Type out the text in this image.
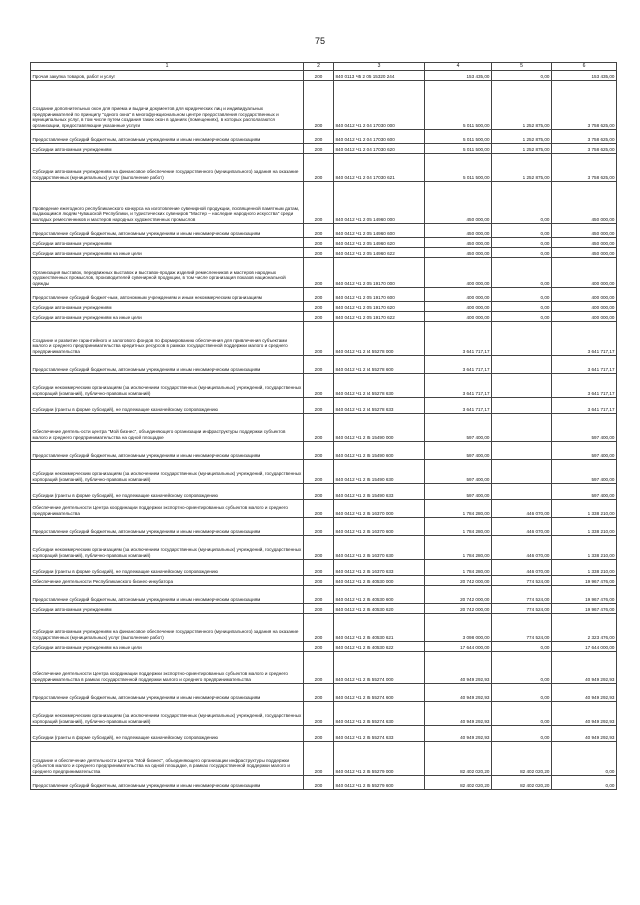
75
1	2	3	4	5	6
Прочая закупка товаров, работ и услуг	200	840 0113 Ч5 2 05 15320 244	153 435,00	0,00	153 435,00
Создание дополнительных окон для приема и выдачи документов для юридических лиц и индивидуальных предпринимателей по принципу "одного окна" в многофункциональном центре предоставления государственных и муниципальных услуг, в том числе путем создания таких окон в зданиях (помещениях), в которых располагаются организации, предоставляющие указанные услуги	200	840 0412 Ч1 2 04 17030 000	5 011 500,00	1 252 875,00	3 758 625,00
Предоставление субсидий бюджетным, автономным учреждениям и иным некоммерческим организациям	200	840 0412 Ч1 2 04 17030 600	5 011 500,00	1 252 875,00	3 758 625,00
Субсидии автономным учреждениям	200	840 0412 Ч1 2 04 17030 620	5 011 500,00	1 252 875,00	3 758 625,00
Субсидии автономным учреждениям на финансовое обеспечение государственного (муниципального) задания на оказание государственных (муниципальных) услуг (выполнение работ)	200	840 0412 Ч1 2 04 17030 621	5 011 500,00	1 252 875,00	3 758 625,00
Проведение ежегодного республиканского конкурса на изготовление сувенирной продукции, посвященной памятным датам, выдающимся людям Чувашской Республики, и туристических сувениров "Мастер – наследие народного искусства" среди молодых ремесленников и мастеров народных художественных промыслов	200	840 0412 Ч1 2 05 14960 000	450 000,00	0,00	450 000,00
Предоставление субсидий бюджетным, автономным учреждениям и иным некоммерческим организациям	200	840 0412 Ч1 2 05 14960 600	450 000,00	0,00	450 000,00
Субсидии автономным учреждениям	200	840 0412 Ч1 2 05 14960 620	450 000,00	0,00	450 000,00
Субсидии автономным учреждениям на иные цели	200	840 0412 Ч1 2 05 14960 622	450 000,00	0,00	450 000,00
Организация выставок, передвижных выставок и выставок-продаж изделий ремесленников и мастеров народных художественных промыслов, производителей сувенирной продукции, в том числе организация показов национальной одежды	200	840 0412 Ч1 2 05 19170 000	400 000,00	0,00	400 000,00
Предоставление субсидий бюджет-ным, автономным учреждениям и иным некоммерческим организациям	200	840 0412 Ч1 2 05 19170 600	400 000,00	0,00	400 000,00
Субсидии автономным учреждениям	200	840 0412 Ч1 2 05 19170 620	400 000,00	0,00	400 000,00
Субсидии автономным учреждениям на иные цели	200	840 0412 Ч1 2 05 19170 622	400 000,00	0,00	400 000,00
Создание и развитие гарантийного и залогового фондов по формированию обеспечения для привлечения субъектами малого и среднего предпринимательства кредитных ресурсов в рамках государственной поддержки малого и среднего предпринимательства	200	840 0412 Ч1 2 I4 55278 000	3 641 717,17		3 641 717,17
Предоставление субсидий бюджетным, автономным учреждениям и иным некоммерческим организациям	200	840 0412 Ч1 2 I4 55278 600	3 641 717,17		3 641 717,17
Субсидии некоммерческим организациям (за исключением государственных (муниципальных) учреждений, государственных корпораций (компаний), публично-правовых компаний)	200	840 0412 Ч1 2 I4 55278 630	3 641 717,17		3 641 717,17
Субсидии (гранты в форме субсидий), не подлежащие казначейскому сопровождению	200	840 0412 Ч1 2 I4 55278 633	3 641 717,17		3 641 717,17
Обеспечение деятель-ости центра "Мой бизнес", объединяющего организации инфраструктуры поддержки субъектов малого и среднего предпринимательства на одной площадке	200	840 0412 Ч1 2 I5 15490 000	597 400,00		597 400,00
Предоставление субсидий бюджетным, автономным учреждениям и иным некоммерческим организациям	200	840 0412 Ч1 2 I5 15490 600	597 400,00		597 400,00
Субсидии некоммерческим организациям (за исключением государственных (муниципальных) учреждений, государственных корпораций (компаний), публично-правовых компаний)	200	840 0412 Ч1 2 I5 15490 630	597 400,00		597 400,00
Субсидии (гранты в форме субсидий), не подлежащие казначейскому сопровождению	200	840 0412 Ч1 2 I5 15490 633	597 400,00		597 400,00
Обеспечение деятельности Центра координации поддержки экспортно-ориентированных субъектов малого и среднего предпринимательства	200	840 0412 Ч1 2 I5 16370 000	1 784 280,00	446 070,00	1 338 210,00
Предоставление субсидий бюджетным, автономным учреждениям и иным некоммерческим организациям	200	840 0412 Ч1 2 I5 16370 600	1 784 280,00	446 070,00	1 338 210,00
Субсидии некоммерческим организациям (за исключением государственных (муниципальных) учреждений, государственных корпораций (компаний), публично-правовых компаний)	200	840 0412 Ч1 2 I5 16370 630	1 784 280,00	446 070,00	1 338 210,00
Субсидии (гранты в форме субсидий), не подлежащие казначейскому сопровождению	200	840 0412 Ч1 2 I5 16370 633	1 784 280,00	446 070,00	1 338 210,00
Обеспечение деятельности Республиканского бизнес-инкубатора	200	840 0412 Ч1 2 I5 40530 000	20 742 000,00	774 524,00	19 967 476,00
Предоставление субсидий бюджетным, автономным учреждениям и иным некоммерческим организациям	200	840 0412 Ч1 2 I5 40530 600	20 742 000,00	774 524,00	19 967 476,00
Субсидии автономным учреждениям	200	840 0412 Ч1 2 I5 40530 620	20 742 000,00	774 524,00	19 967 476,00
Субсидии автономным учреждениям на финансовое обеспечение государственного (муниципального) задания на оказание государственных (муниципальных) услуг (выполнение работ)	200	840 0412 Ч1 2 I5 40530 621	3 098 000,00	774 524,00	2 323 476,00
Субсидии автономным учреждениям на иные цели	200	840 0412 Ч1 2 I5 40530 622	17 644 000,00	0,00	17 644 000,00
Обеспечение деятельности Центра координации поддержки экспортно-ориентированных субъектов малого и среднего предпринимательства в рамках государственной поддержки малого и среднего предпринимательства	200	840 0412 Ч1 2 I5 55274 000	40 949 292,93	0,00	40 949 292,93
Предоставление субсидий бюджетным, автономным учреждениям и иным некоммерческим организациям	200	840 0412 Ч1 2 I5 55274 600	40 949 292,93	0,00	40 949 292,93
Субсидии некоммерческим организациям (за исключением государственных (муниципальных) учреждений, государственных корпораций (компаний), публично-правовых компаний)	200	840 0412 Ч1 2 I5 55274 630	40 949 292,93	0,00	40 949 292,93
Субсидии (гранты в форме субсидий), не подлежащие казначейскому сопровождению	200	840 0412 Ч1 2 I5 55274 633	40 949 292,93	0,00	40 949 292,93
Создание и обеспечение деятельности Центра "Мой бизнес", объединяющего организации инфраструктуры поддержки субъектов малого и среднего предпринимательства на одной площадке, в рамках государственной поддержки малого и среднего предпринимательства	200	840 0412 Ч1 2 I5 55279 000	82 402 020,20	82 402 020,20	0,00
Предоставление субсидий бюджетным, автономным учреждениям и иным некоммерческим организациям	200	840 0412 Ч1 2 I5 55279 600	82 402 020,20	82 402 020,20	0,00
